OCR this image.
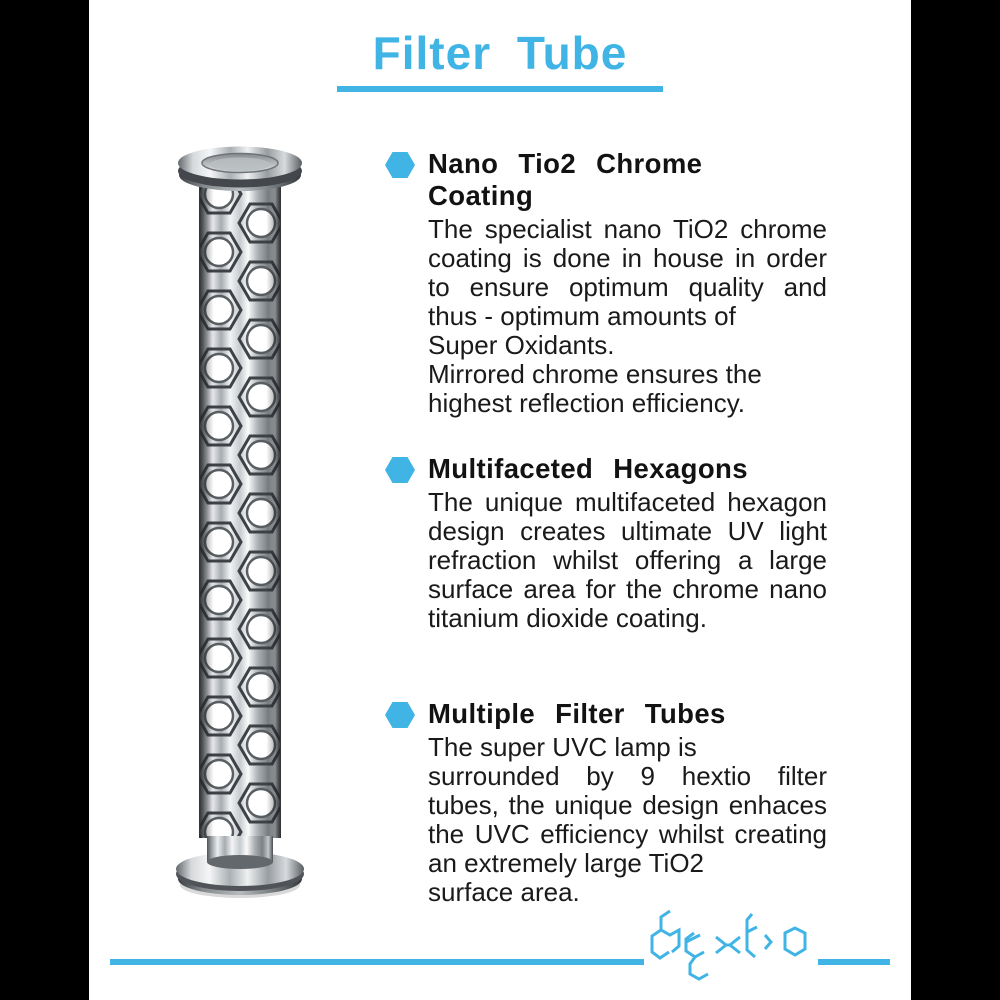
Filter Tube
Nano Tio2 Chrome Coating

The specialist nano TiO2 chrome

coating is done in house in order

to ensure optimum quality and

thus - optimum amounts of

Super Oxidants.

Mirrored chrome ensures the

highest reflection efficiency.

Multifaceted Hexagons

The unique multifaceted hexagon

design creates ultimate UV light

refraction whilst offering a large

surface area for the chrome nano

titanium dioxide coating.

Multiple Filter Tubes

The super UVC lamp is

surrounded by 9 hextio filter

tubes, the unique design enhaces

the UVC efficiency whilst creating

an extremely large TiO2

surface area.
